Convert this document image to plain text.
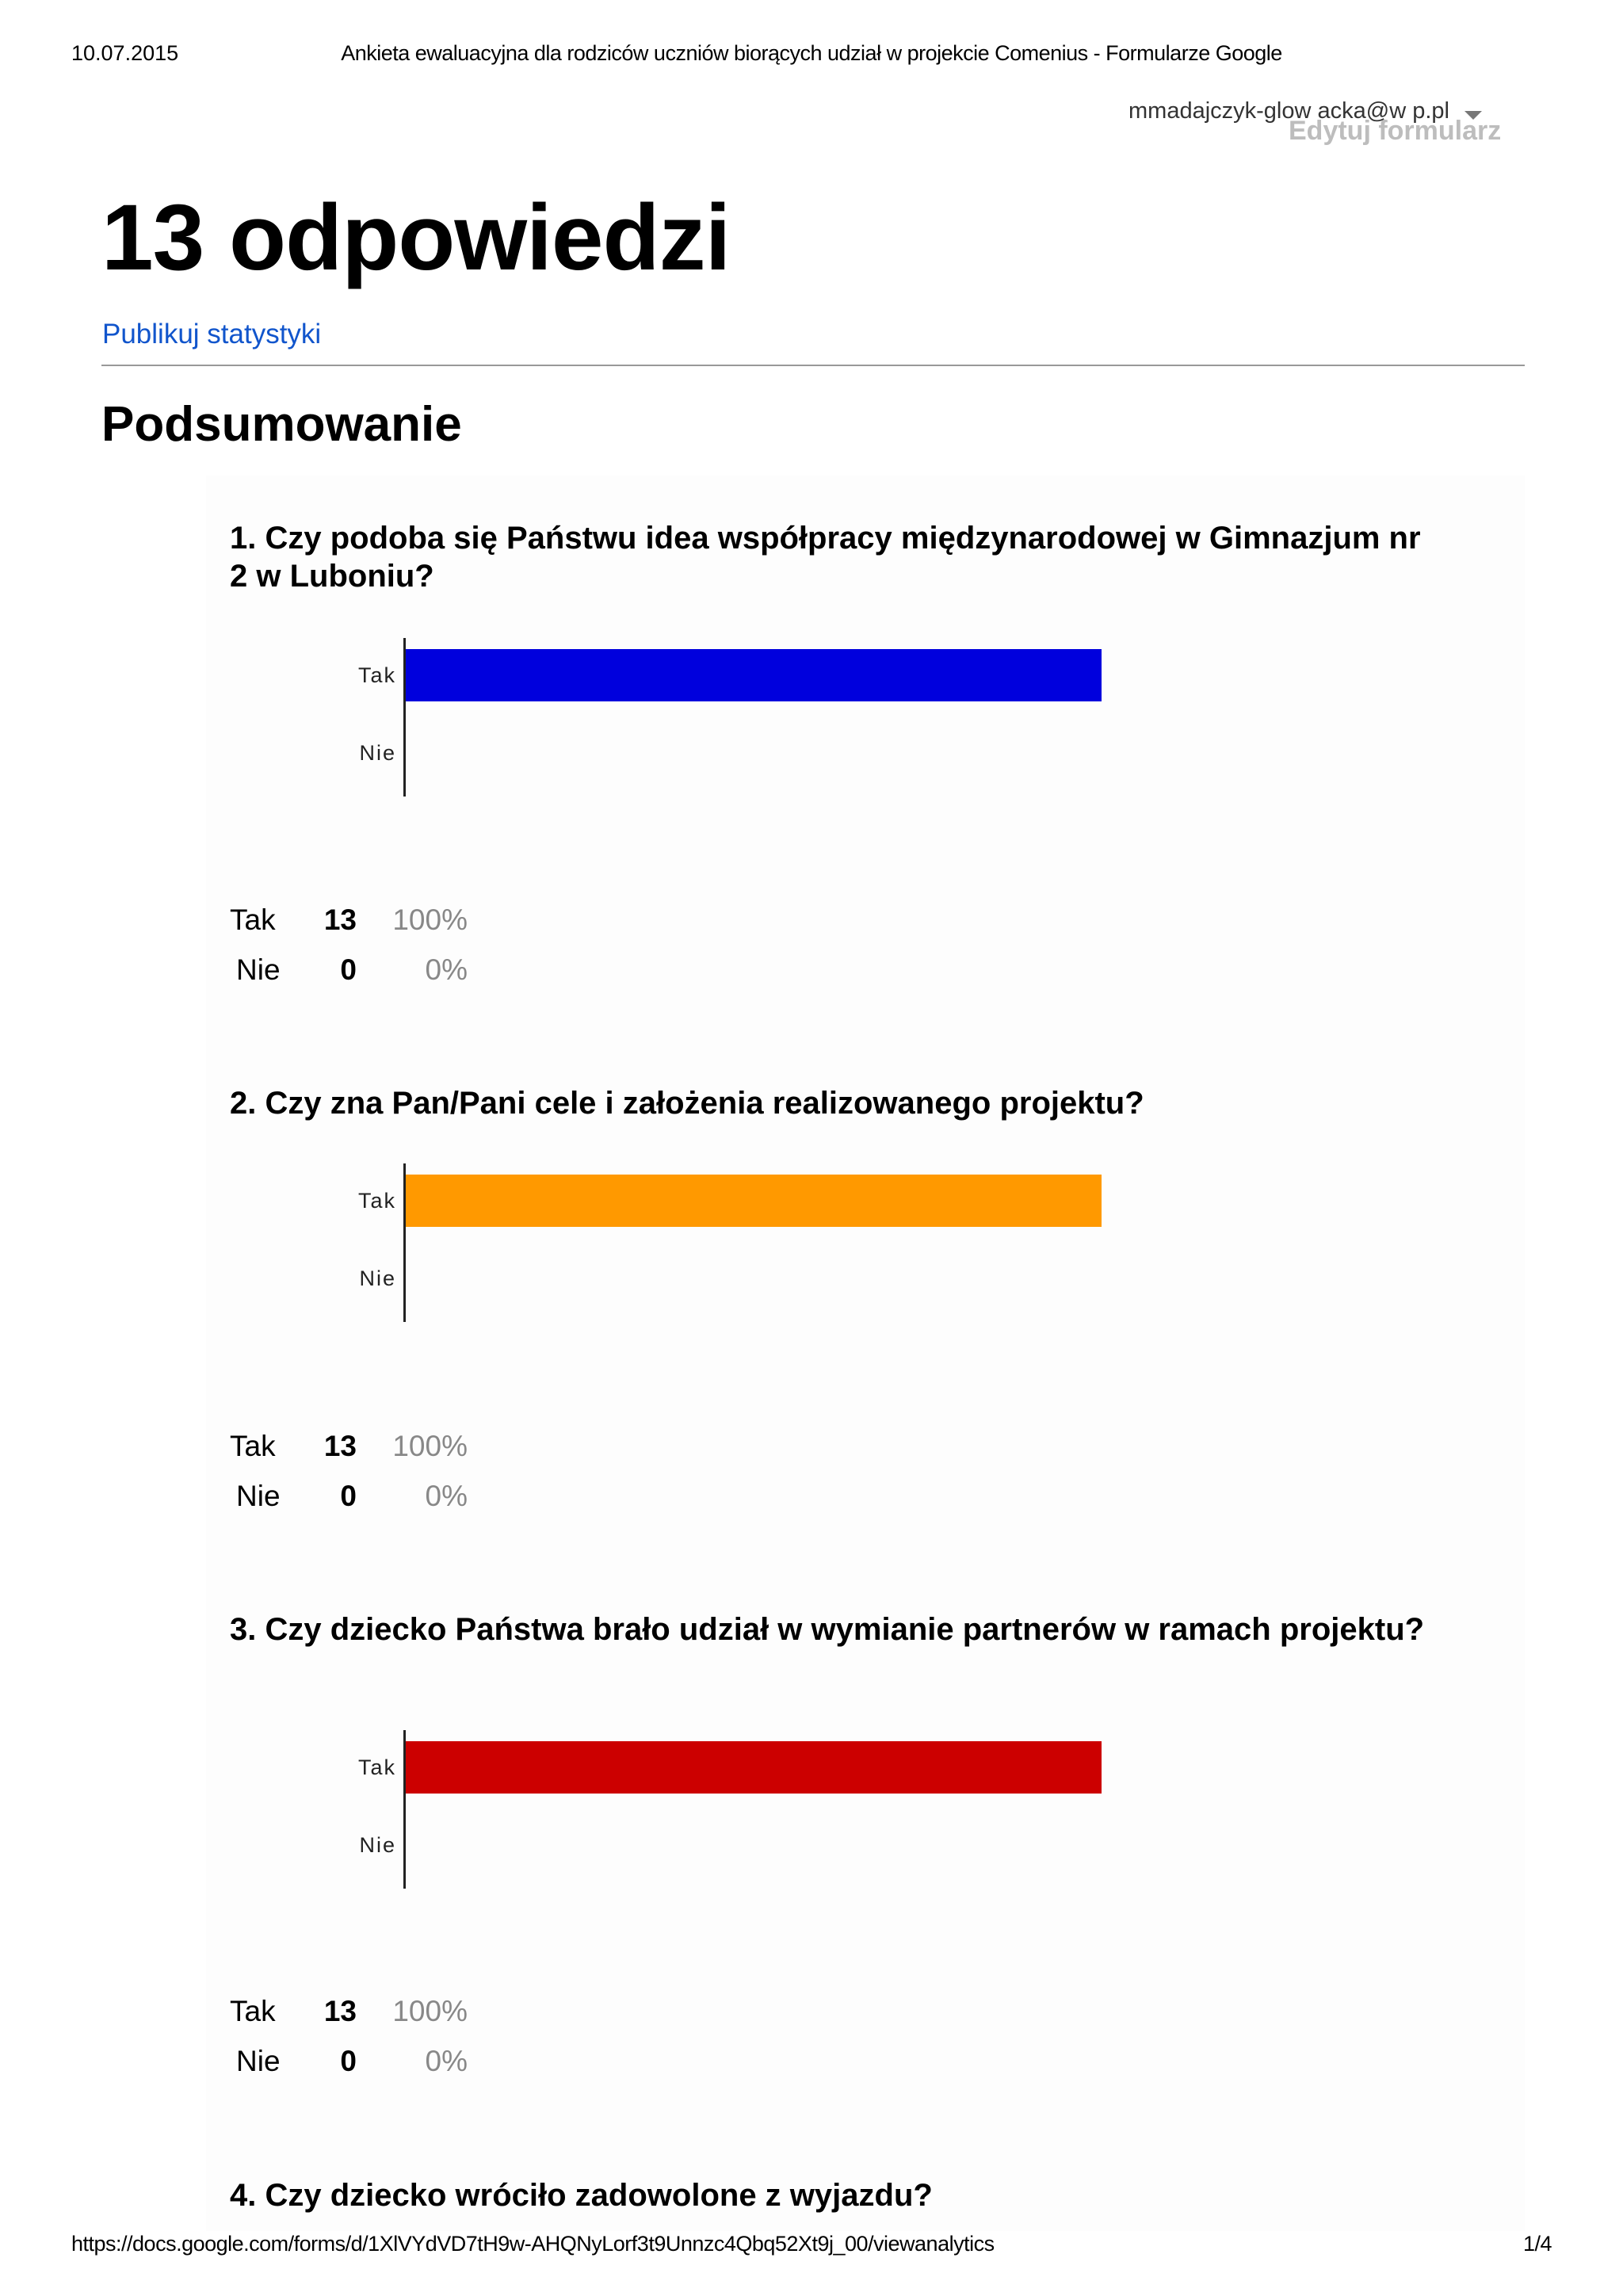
Ankieta ewaluacyjna dla rodziców uczniów biorących udział w projekcie Comenius - Formularze Google
10.07.2015
mmadajczyk-glow acka@w p.pl
Edytuj formularz
13 odpowiedzi
Publikuj statystyki
Podsumowanie
1. Czy podoba się Państwu idea współpracy międzynarodowej w Gimnazjum nr 2 w Luboniu?
Tak
Nie
Tak	13	100%
Nie	0	0%
2. Czy zna Pan/Pani cele i założenia realizowanego projektu?
Tak
Nie
Tak	13	100%
Nie	0	0%
3. Czy dziecko Państwa brało udział w wymianie partnerów w ramach projektu?
Tak
Nie
Tak	13	100%
Nie	0	0%
4. Czy dziecko wróciło zadowolone z wyjazdu?
https://docs.google.com/forms/d/1XlVYdVD7tH9w-AHQNyLorf3t9Unnzc4Qbq52Xt9j_00/viewanalytics	1/4
